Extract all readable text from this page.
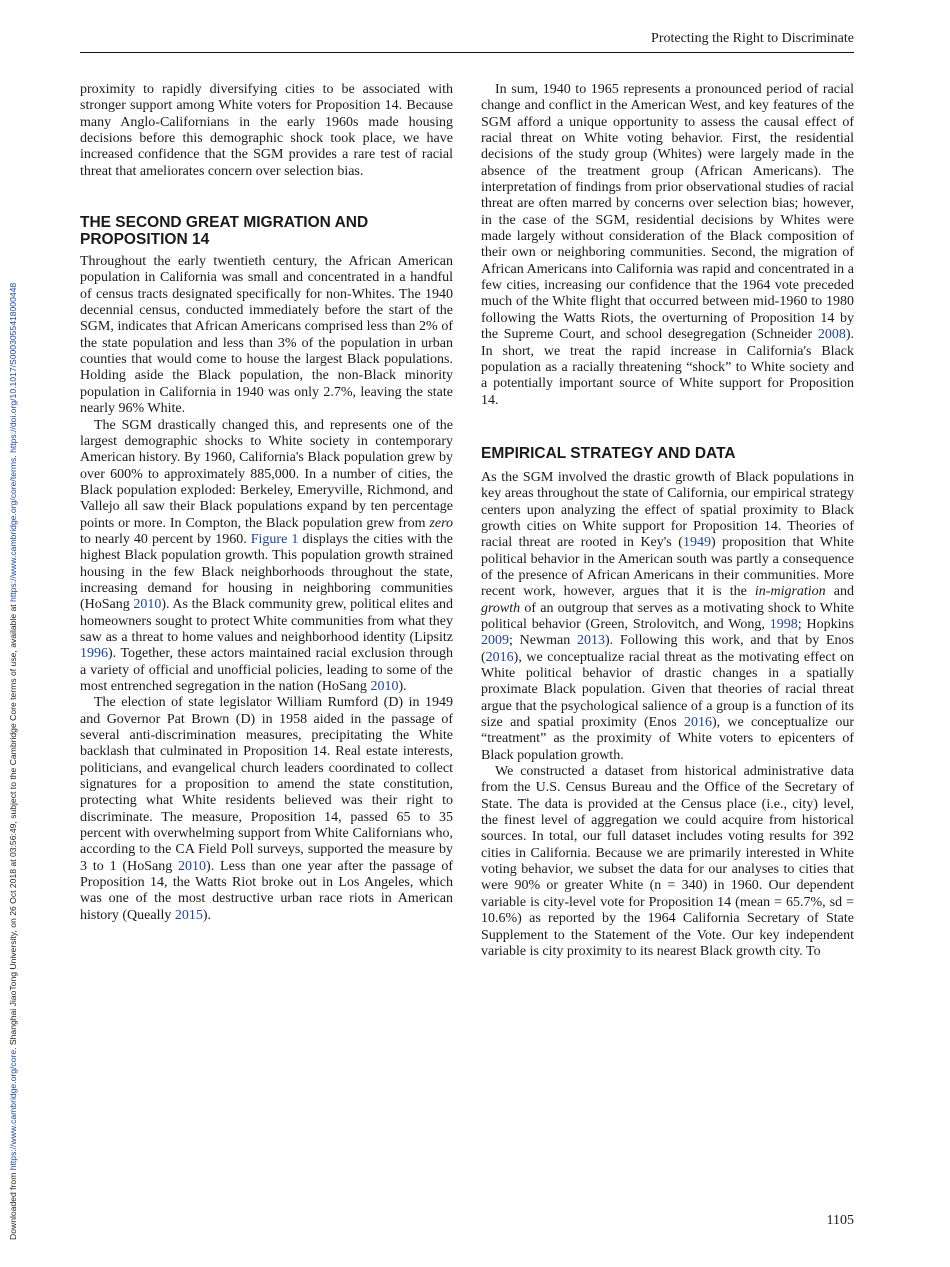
Downloaded from https://www.cambridge.org/core. Shanghai JiaoTong University, on 26 Oct 2018 at 03:56:49, subject to the Cambridge Core terms of use, available at https://www.cambridge.org/core/terms. https://doi.org/10.1017/S0003055418000448
Protecting the Right to Discriminate

proximity to rapidly diversifying cities to be associated with stronger support among White voters for Proposition 14. Because many Anglo-Californians in the early 1960s made housing decisions before this demographic shock took place, we have increased confidence that the SGM provides a rare test of racial threat that ameliorates concern over selection bias.

THE SECOND GREAT MIGRATION AND PROPOSITION 14

Throughout the early twentieth century, the African American population in California was small and concentrated in a handful of census tracts designated specifically for non-Whites. The 1940 decennial census, conducted immediately before the start of the SGM, indicates that African Americans comprised less than 2% of the state population and less than 3% of the population in urban counties that would come to house the largest Black populations. Holding aside the Black population, the non-Black minority population in California in 1940 was only 2.7%, leaving the state nearly 96% White.

The SGM drastically changed this, and represents one of the largest demographic shocks to White society in contemporary American history. By 1960, California's Black population grew by over 600% to approximately 885,000. In a number of cities, the Black population exploded: Berkeley, Emeryville, Richmond, and Vallejo all saw their Black populations expand by ten percentage points or more. In Compton, the Black population grew from zero to nearly 40 percent by 1960. Figure 1 displays the cities with the highest Black population growth. This population growth strained housing in the few Black neighborhoods throughout the state, increasing demand for housing in neighboring communities (HoSang 2010). As the Black community grew, political elites and homeowners sought to protect White communities from what they saw as a threat to home values and neighborhood identity (Lipsitz 1996). Together, these actors maintained racial exclusion through a variety of official and unofficial policies, leading to some of the most entrenched segregation in the nation (HoSang 2010).

The election of state legislator William Rumford (D) in 1949 and Governor Pat Brown (D) in 1958 aided in the passage of several anti-discrimination measures, precipitating the White backlash that culminated in Proposition 14. Real estate interests, politicians, and evangelical church leaders coordinated to collect signatures for a proposition to amend the state constitution, protecting what White residents believed was their right to discriminate. The measure, Proposition 14, passed 65 to 35 percent with overwhelming support from White Californians who, according to the CA Field Poll surveys, supported the measure by 3 to 1 (HoSang 2010). Less than one year after the passage of Proposition 14, the Watts Riot broke out in Los Angeles, which was one of the most destructive urban race riots in American history (Queally 2015).

In sum, 1940 to 1965 represents a pronounced period of racial change and conflict in the American West, and key features of the SGM afford a unique opportunity to assess the causal effect of racial threat on White voting behavior. First, the residential decisions of the study group (Whites) were largely made in the absence of the treatment group (African Americans). The interpretation of findings from prior observational studies of racial threat are often marred by concerns over selection bias; however, in the case of the SGM, residential decisions by Whites were made largely without consideration of the Black composition of their own or neighboring communities. Second, the migration of African Americans into California was rapid and concentrated in a few cities, increasing our confidence that the 1964 vote preceded much of the White flight that occurred between mid-1960 to 1980 following the Watts Riots, the overturning of Proposition 14 by the Supreme Court, and school desegregation (Schneider 2008). In short, we treat the rapid increase in California's Black population as a racially threatening “shock” to White society and a potentially important source of White support for Proposition 14.

EMPIRICAL STRATEGY AND DATA

As the SGM involved the drastic growth of Black populations in key areas throughout the state of California, our empirical strategy centers upon analyzing the effect of spatial proximity to Black growth cities on White support for Proposition 14. Theories of racial threat are rooted in Key's (1949) proposition that White political behavior in the American south was partly a consequence of the presence of African Americans in their communities. More recent work, however, argues that it is the in-migration and growth of an outgroup that serves as a motivating shock to White political behavior (Green, Strolovitch, and Wong, 1998; Hopkins 2009; Newman 2013). Following this work, and that by Enos (2016), we conceptualize racial threat as the motivating effect on White political behavior of drastic changes in a spatially proximate Black population. Given that theories of racial threat argue that the psychological salience of a group is a function of its size and spatial proximity (Enos 2016), we conceptualize our “treatment” as the proximity of White voters to epicenters of Black population growth.

We constructed a dataset from historical administrative data from the U.S. Census Bureau and the Office of the Secretary of State. The data is provided at the Census place (i.e., city) level, the finest level of aggregation we could acquire from historical sources. In total, our full dataset includes voting results for 392 cities in California. Because we are primarily interested in White voting behavior, we subset the data for our analyses to cities that were 90% or greater White (n = 340) in 1960. Our dependent variable is city-level vote for Proposition 14 (mean = 65.7%, sd = 10.6%) as reported by the 1964 California Secretary of State Supplement to the Statement of the Vote. Our key independent variable is city proximity to its nearest Black growth city. To

1105
